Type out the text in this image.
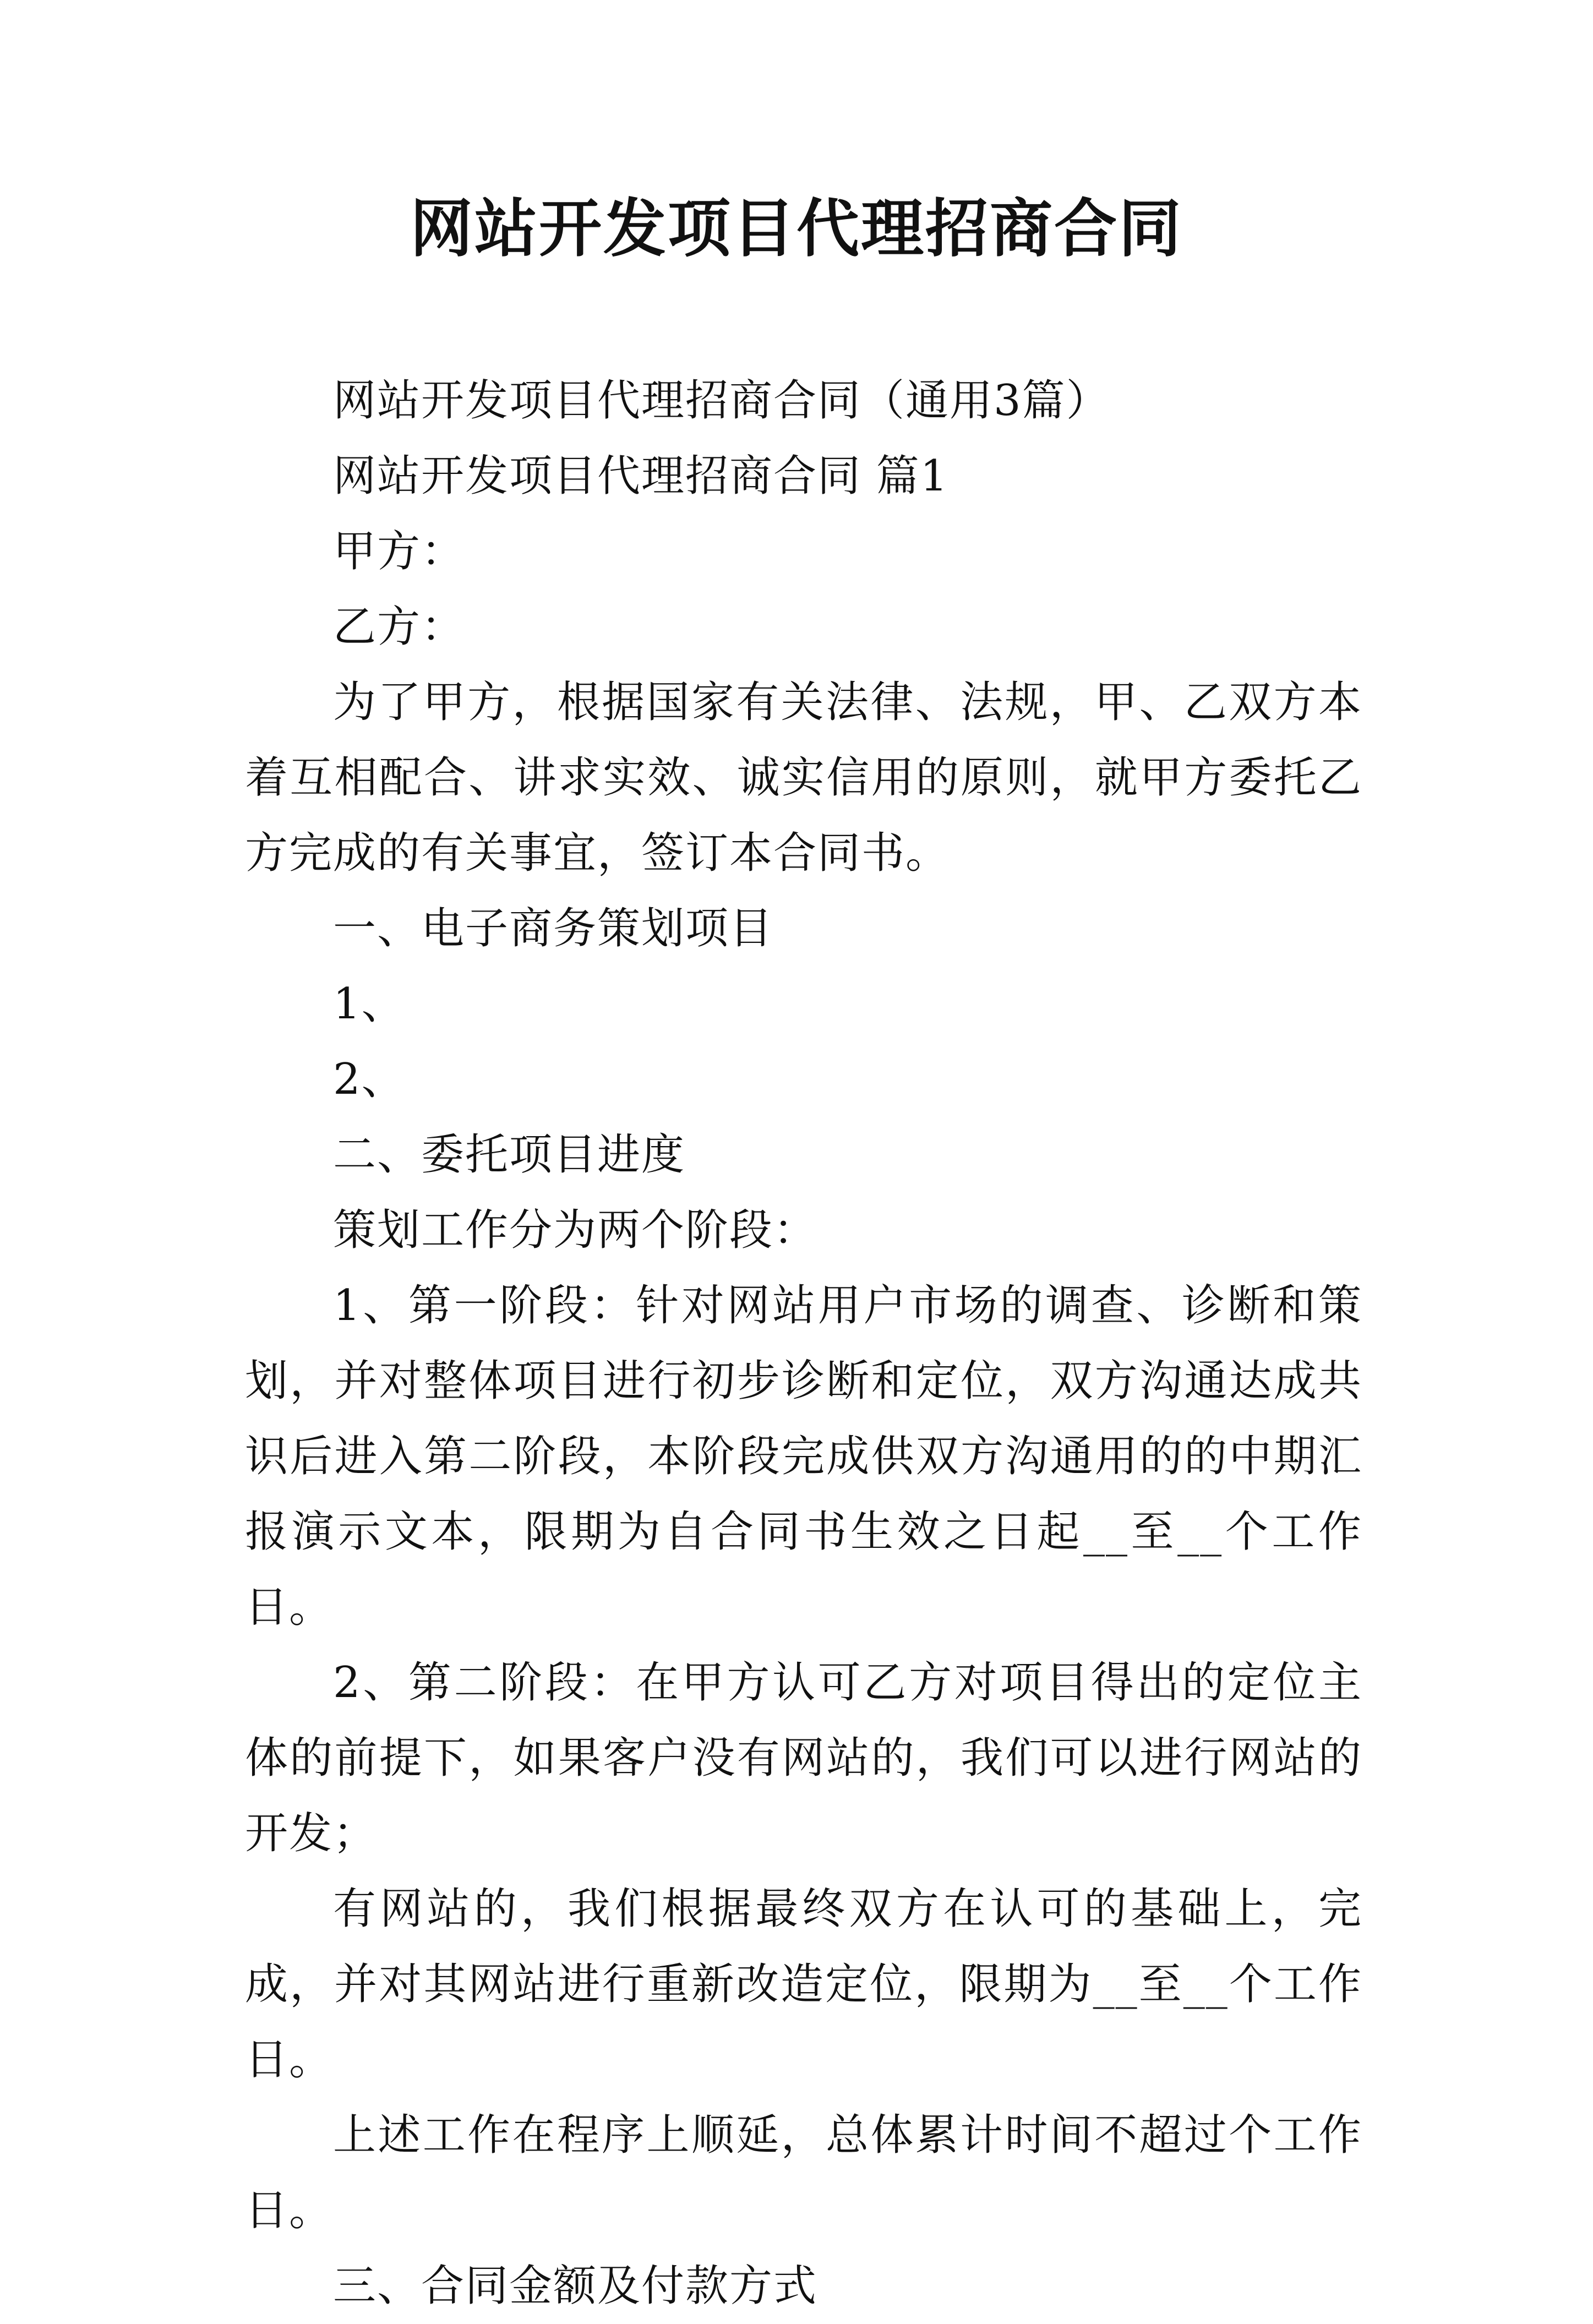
网站开发项目代理招商合同

网站开发项目代理招商合同（通用3篇）

网站开发项目代理招商合同 篇1

甲方：

乙方：

为了甲方，根据国家有关法律、法规，甲、乙双方本着互相配合、讲求实效、诚实信用的原则，就甲方委托乙方完成的有关事宜，签订本合同书。

一、电子商务策划项目

1、

2、

二、委托项目进度

策划工作分为两个阶段：

1、第一阶段：针对网站用户市场的调查、诊断和策划，并对整体项目进行初步诊断和定位，双方沟通达成共识后进入第二阶段，本阶段完成供双方沟通用的的中期汇报演示文本，限期为自合同书生效之日起__至__个工作日。

2、第二阶段：在甲方认可乙方对项目得出的定位主体的前提下，如果客户没有网站的，我们可以进行网站的开发；

有网站的，我们根据最终双方在认可的基础上，完成，并对其网站进行重新改造定位，限期为__至__个工作日。

上述工作在程序上顺延，总体累计时间不超过个工作日。

三、合同金额及付款方式
